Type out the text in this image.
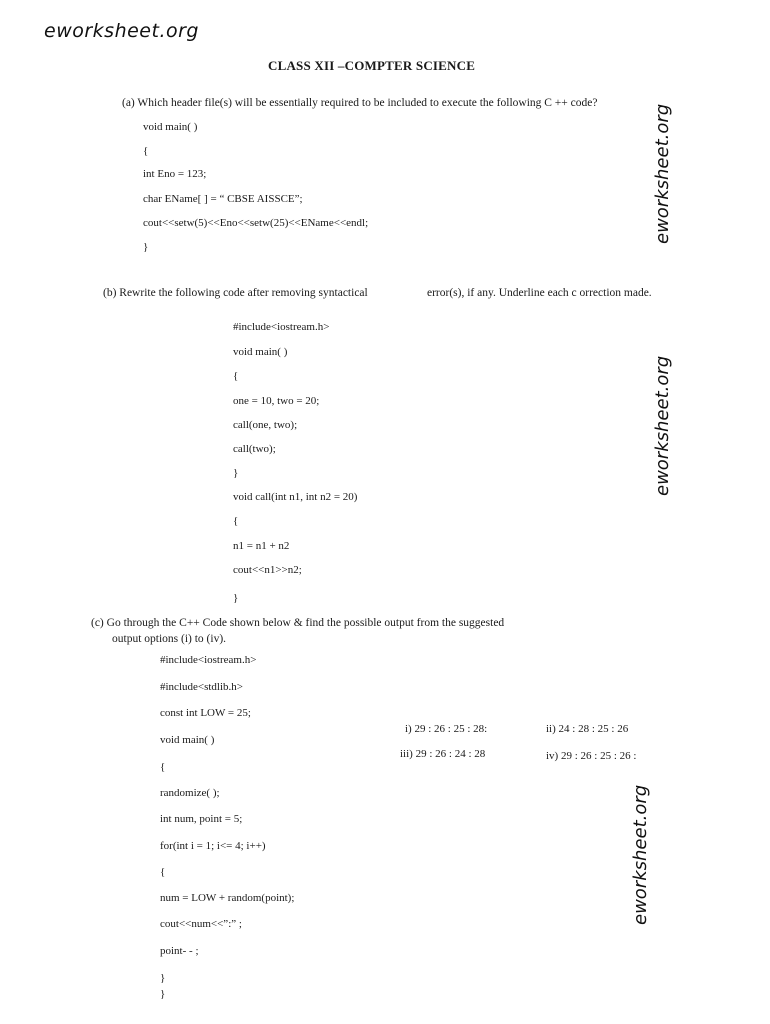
eworksheet.org
CLASS XII –COMPTER SCIENCE
(a) Which header file(s) will be essentially required to be included to execute the following C ++ code?
void main( )
{
int Eno = 123;
char EName[ ] = “ CBSE AISSCE”;
cout<<setw(5)<<Eno<<setw(25)<<EName<<endl;
}
(b) Rewrite the following code after removing syntactical	error(s), if any. Underline each c orrection made.
#include<iostream.h>
void main( )
{
one = 10, two = 20;
call(one, two);
call(two);
}
void call(int n1, int n2 = 20)
{
n1 = n1 + n2
cout<<n1>>n2;
}
(c) Go through the C++ Code shown below & find the possible output from the suggested
output options (i) to (iv).
#include<iostream.h>
#include<stdlib.h>
const int LOW = 25;
void main( )
{
randomize( );
int num, point = 5;
for(int i = 1; i<= 4; i++)
{
num = LOW + random(point);
cout<<num<<”:” ;
point- - ;
}
}
i) 29 : 26 : 25 : 28:	ii) 24 : 28 : 25 : 26
iii) 29 : 26 : 24 : 28	iv) 29 : 26 : 25 : 26 :
eworksheet.org
eworksheet.org
eworksheet.org
